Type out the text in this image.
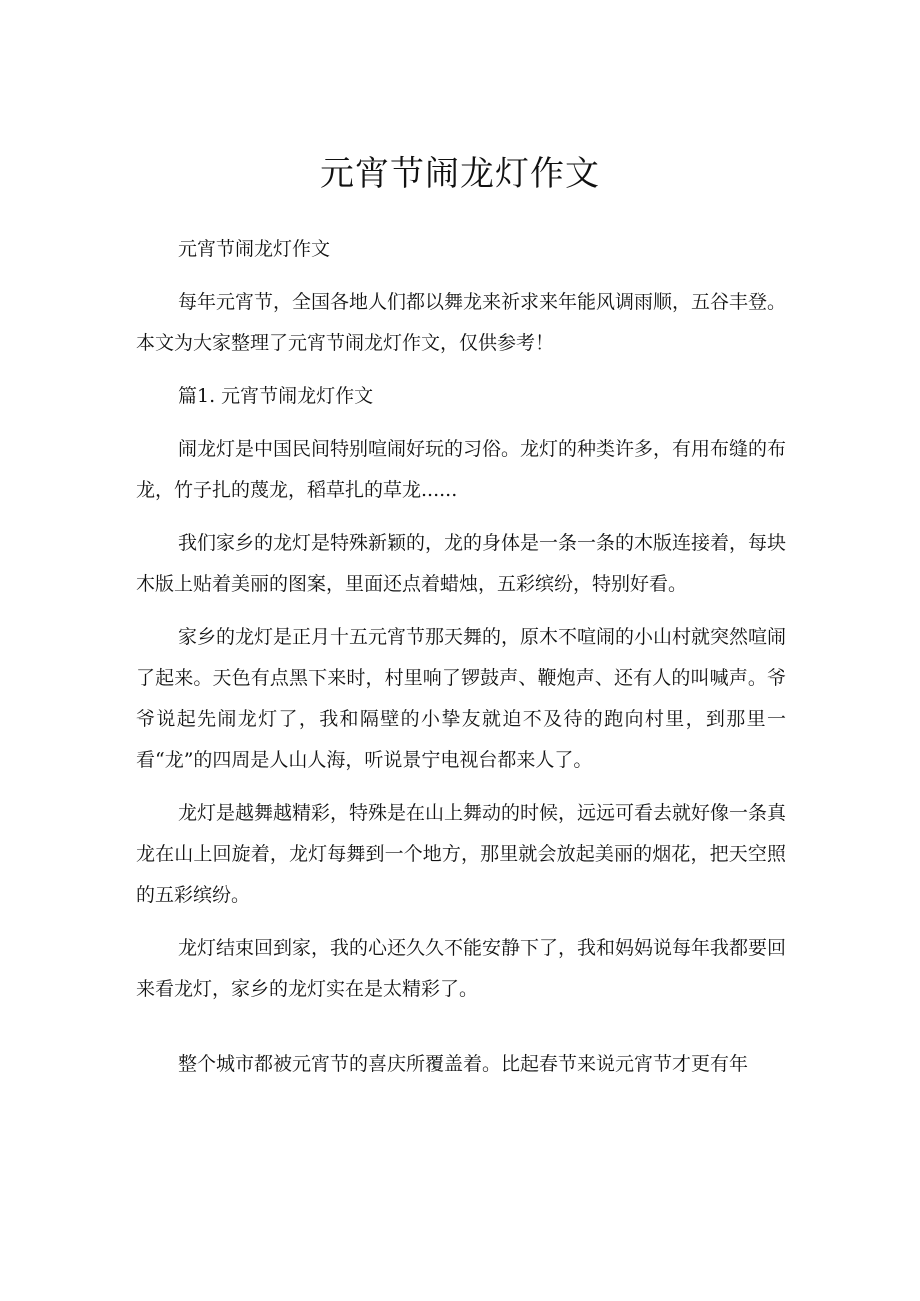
元宵节闹龙灯作文

元宵节闹龙灯作文

每年元宵节，全国各地人们都以舞龙来祈求来年能风调雨顺，五谷丰登。本文为大家整理了元宵节闹龙灯作文，仅供参考！

篇1. 元宵节闹龙灯作文

闹龙灯是中国民间特别喧闹好玩的习俗。龙灯的种类许多，有用布缝的布龙，竹子扎的蔑龙，稻草扎的草龙......

我们家乡的龙灯是特殊新颖的，龙的身体是一条一条的木版连接着，每块木版上贴着美丽的图案，里面还点着蜡烛，五彩缤纷，特别好看。

家乡的龙灯是正月十五元宵节那天舞的，原木不喧闹的小山村就突然喧闹了起来。天色有点黑下来时，村里响了锣鼓声、鞭炮声、还有人的叫喊声。爷爷说起先闹龙灯了，我和隔壁的小挚友就迫不及待的跑向村里，到那里一看“龙”的四周是人山人海，听说景宁电视台都来人了。

龙灯是越舞越精彩，特殊是在山上舞动的时候，远远可看去就好像一条真龙在山上回旋着，龙灯每舞到一个地方，那里就会放起美丽的烟花，把天空照的五彩缤纷。

龙灯结束回到家，我的心还久久不能安静下了，我和妈妈说每年我都要回来看龙灯，家乡的龙灯实在是太精彩了。

整个城市都被元宵节的喜庆所覆盖着。比起春节来说元宵节才更有年
